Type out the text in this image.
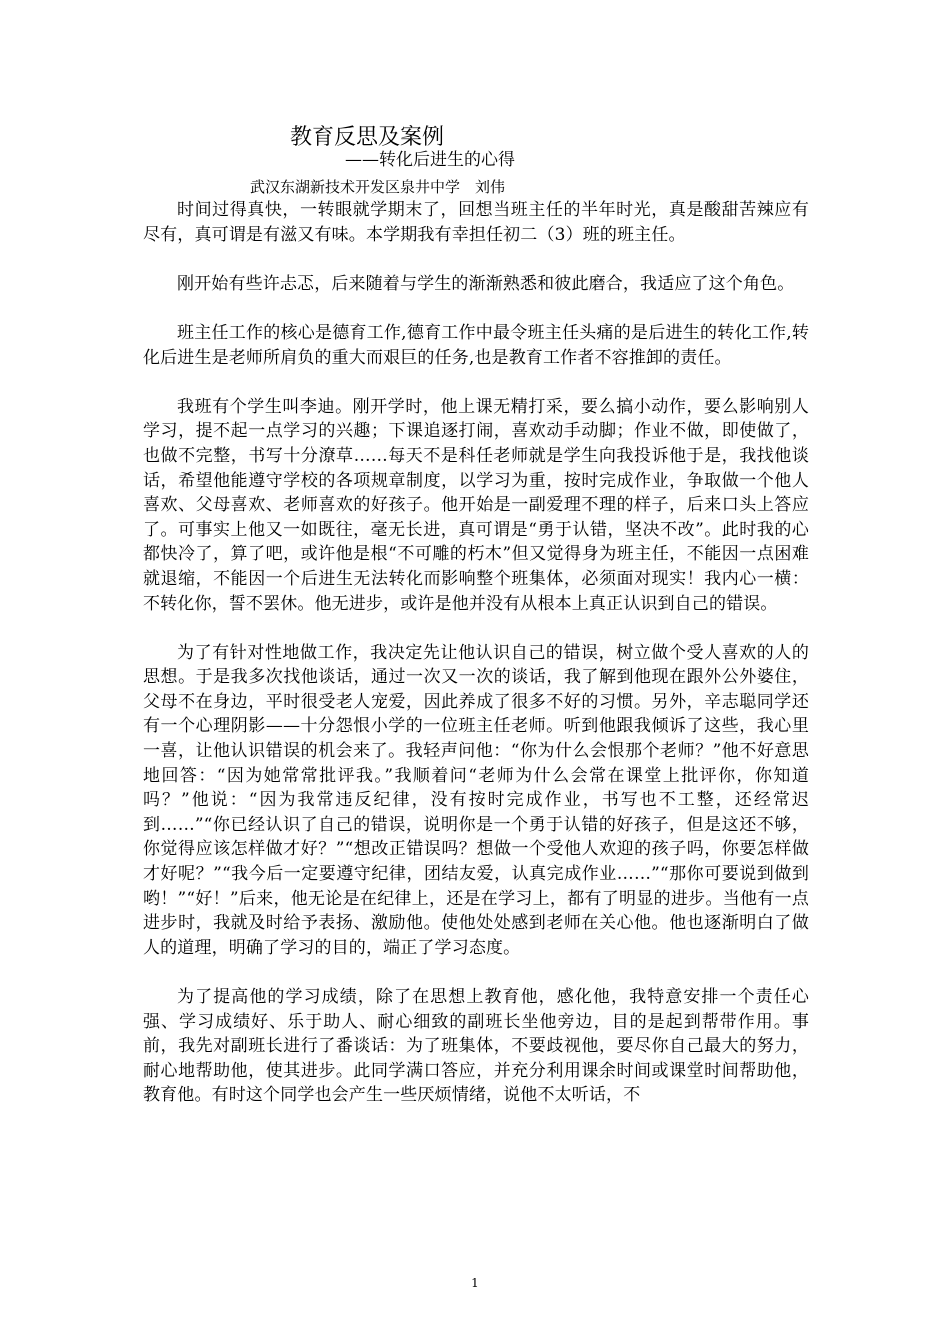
教育反思及案例
——转化后进生的心得
武汉东湖新技术开发区泉井中学　刘伟

时间过得真快，一转眼就学期末了，回想当班主任的半年时光，真是酸甜苦辣应有尽有，真可谓是有滋又有味。本学期我有幸担任初二（3）班的班主任。

刚开始有些许忐忑，后来随着与学生的渐渐熟悉和彼此磨合，我适应了这个角色。

班主任工作的核心是德育工作,德育工作中最令班主任头痛的是后进生的转化工作,转化后进生是老师所肩负的重大而艰巨的任务,也是教育工作者不容推卸的责任。

我班有个学生叫李迪。刚开学时，他上课无精打采，要么搞小动作，要么影响别人学习，提不起一点学习的兴趣；下课追逐打闹，喜欢动手动脚；作业不做，即使做了，也做不完整，书写十分潦草……每天不是科任老师就是学生向我投诉他于是，我找他谈话，希望他能遵守学校的各项规章制度，以学习为重，按时完成作业，争取做一个他人喜欢、父母喜欢、老师喜欢的好孩子。他开始是一副爱理不理的样子，后来口头上答应了。可事实上他又一如既往，毫无长进，真可谓是“勇于认错，坚决不改”。此时我的心都快冷了，算了吧，或许他是根“不可雕的朽木”但又觉得身为班主任，不能因一点困难就退缩，不能因一个后进生无法转化而影响整个班集体，必须面对现实！我内心一横：不转化你，誓不罢休。他无进步，或许是他并没有从根本上真正认识到自己的错误。

为了有针对性地做工作，我决定先让他认识自己的错误，树立做个受人喜欢的人的思想。于是我多次找他谈话，通过一次又一次的谈话，我了解到他现在跟外公外婆住，父母不在身边，平时很受老人宠爱，因此养成了很多不好的习惯。另外，辛志聪同学还有一个心理阴影——十分怨恨小学的一位班主任老师。听到他跟我倾诉了这些，我心里一喜，让他认识错误的机会来了。我轻声问他：“你为什么会恨那个老师？”他不好意思地回答：“因为她常常批评我。”我顺着问“老师为什么会常在课堂上批评你，你知道吗？”他说：“因为我常违反纪律，没有按时完成作业，书写也不工整，还经常迟到……”“你已经认识了自己的错误，说明你是一个勇于认错的好孩子，但是这还不够，你觉得应该怎样做才好？”“想改正错误吗？想做一个受他人欢迎的孩子吗，你要怎样做才好呢？”“我今后一定要遵守纪律，团结友爱，认真完成作业……”“那你可要说到做到哟！”“好！”后来，他无论是在纪律上，还是在学习上，都有了明显的进步。当他有一点进步时，我就及时给予表扬、激励他。使他处处感到老师在关心他。他也逐渐明白了做人的道理，明确了学习的目的，端正了学习态度。

为了提高他的学习成绩，除了在思想上教育他，感化他，我特意安排一个责任心强、学习成绩好、乐于助人、耐心细致的副班长坐他旁边，目的是起到帮带作用。事前，我先对副班长进行了番谈话：为了班集体，不要歧视他，要尽你自己最大的努力，耐心地帮助他，使其进步。此同学满口答应，并充分利用课余时间或课堂时间帮助他，教育他。有时这个同学也会产生一些厌烦情绪，说他不太听话，不

1
